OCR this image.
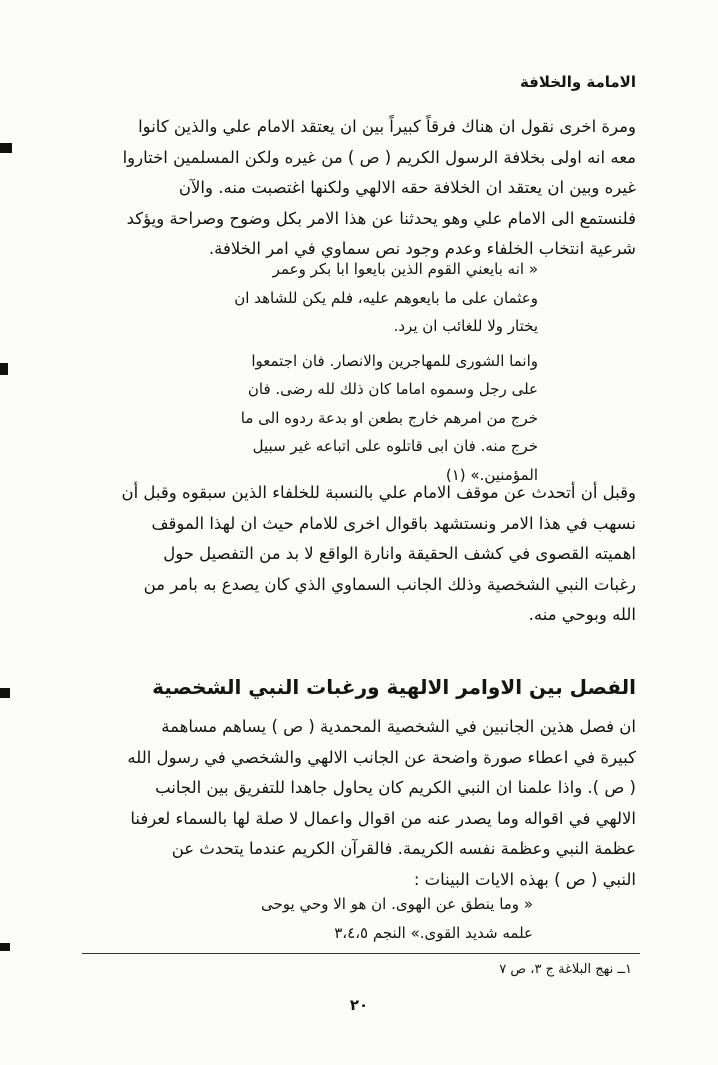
الامامة والخلافة
ومرة اخرى نقول ان هناك فرقاً كبيراً بين ان يعتقد الامام علي والذين كانوا
معه انه اولى بخلافة الرسول الكريم ( ص ) من غيره ولكن المسلمين اختاروا
غيره وبين ان يعتقد ان الخلافة حقه الالهي ولكنها اغتصبت منه. والآن
فلنستمع الى الامام علي وهو يحدثنا عن هذا الامر بكل وضوح وصراحة ويؤكد
شرعية انتخاب الخلفاء وعدم وجود نص سماوي في امر الخلافة.
« انه بايعني القوم الذين بايعوا ابا بكر وعمر
وعثمان على ما بايعوهم عليه، فلم يكن للشاهد ان
يختار ولا للغائب ان يرد.
وانما الشورى للمهاجرين والانصار. فان اجتمعوا
على رجل وسموه اماما كان ذلك لله رضى. فان
خرج من امرهم خارج بطعن او بدعة ردوه الى ما
خرج منه. فان ابى قاتلوه على اتباعه غير سبيل
المؤمنين.» (١)
وقبل أن أتحدث عن موقف الامام علي بالنسبة للخلفاء الذين سبقوه وقبل أن
نسهب في هذا الامر ونستشهد باقوال اخرى للامام حيث ان لهذا الموقف
اهميته القصوى في كشف الحقيقة وانارة الواقع لا بد من التفصيل حول
رغبات النبي الشخصية وذلك الجانب السماوي الذي كان يصدع به بامر من
الله وبوحي منه.
الفصل بين الاوامر الالهية ورغبات النبي الشخصية
ان فصل هذين الجانبين في الشخصية المحمدية ( ص ) يساهم مساهمة
كبيرة في اعطاء صورة واضحة عن الجانب الالهي والشخصي في رسول الله
( ص ). واذا علمنا ان النبي الكريم كان يحاول جاهدا للتفريق بين الجانب
الالهي في اقواله وما يصدر عنه من اقوال واعمال لا صلة لها بالسماء لعرفنا
عظمة النبي وعظمة نفسه الكريمة. فالقرآن الكريم عندما يتحدث عن
النبي ( ص ) بهذه الايات البينات :
« وما ينطق عن الهوى. ان هو الا وحي يوحى
علمه شديد القوى.» النجم ٣،٤،٥
١ــ نهج البلاغة ج ٣، ص ٧
٢٠
